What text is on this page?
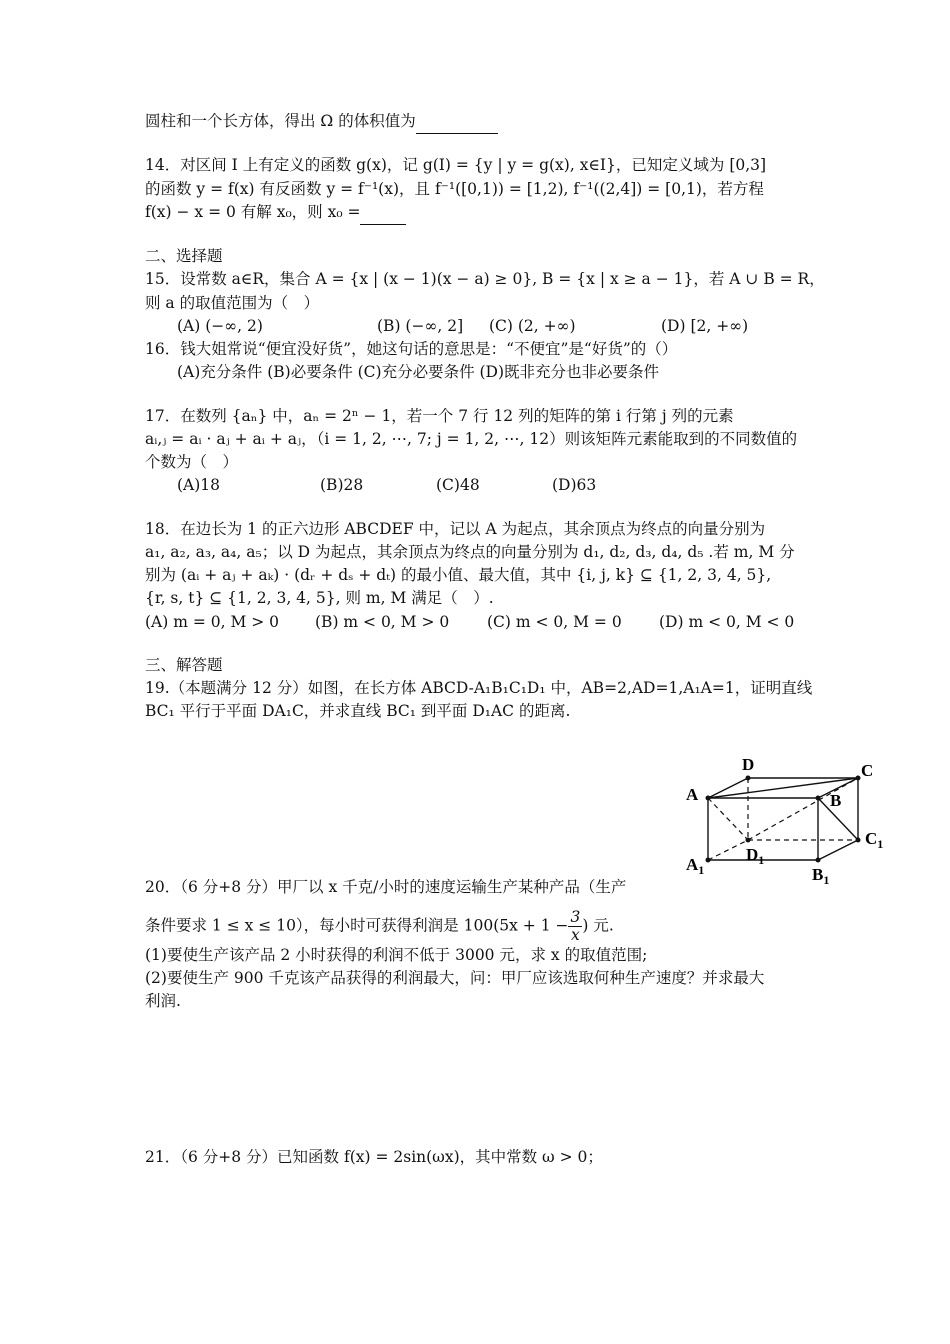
圆柱和一个长方体，得出 Ω 的体积值为

14．对区间 I 上有定义的函数 g(x)，记 g(I) = {y | y = g(x), x∈I}，已知定义域为 [0,3]

的函数 y = f(x) 有反函数 y = f⁻¹(x)，且 f⁻¹([0,1)) = [1,2), f⁻¹((2,4]) = [0,1)，若方程

f(x) − x = 0 有解 x₀，则 x₀ =

二、选择题

15．设常数 a∈R，集合 A = {x | (x − 1)(x − a) ≥ 0}, B = {x | x ≥ a − 1}，若 A ∪ B = R，

则 a 的取值范围为（　）

(A) (−∞, 2)	(B) (−∞, 2]	(C) (2, +∞)	(D) [2, +∞)

16．钱大姐常说“便宜没好货”，她这句话的意思是：“不便宜”是“好货”的（）

(A)充分条件 (B)必要条件 (C)充分必要条件 (D)既非充分也非必要条件

17．在数列 {aₙ} 中，aₙ = 2ⁿ − 1，若一个 7 行 12 列的矩阵的第 i 行第 j 列的元素

aᵢ,ⱼ = aᵢ · aⱼ + aᵢ + aⱼ，（i = 1, 2, ⋯, 7; j = 1, 2, ⋯, 12）则该矩阵元素能取到的不同数值的

个数为（　）

(A)18	(B)28	(C)48	(D)63

18．在边长为 1 的正六边形 ABCDEF 中，记以 A 为起点，其余顶点为终点的向量分别为

a₁, a₂, a₃, a₄, a₅；以 D 为起点，其余顶点为终点的向量分别为 d₁, d₂, d₃, d₄, d₅ .若 m, M 分

别为 (aᵢ + aⱼ + aₖ) · (dᵣ + dₛ + dₜ) 的最小值、最大值，其中 {i, j, k} ⊆ {1, 2, 3, 4, 5},

{r, s, t} ⊆ {1, 2, 3, 4, 5}, 则 m, M 满足（　）.

(A) m = 0, M > 0	(B) m < 0, M > 0	(C) m < 0, M = 0	(D) m < 0, M < 0

三、解答题

19.（本题满分 12 分）如图，在长方体 ABCD-A₁B₁C₁D₁ 中，AB=2,AD=1,A₁A=1，证明直线

BC₁ 平行于平面 DA₁C，并求直线 BC₁ 到平面 D₁AC 的距离.

20．（6 分+8 分）甲厂以 x 千克/小时的速度运输生产某种产品（生产

条件要求 1 ≤ x ≤ 10），每小时可获得利润是 $100(5x + 1 - \frac{3}{x}$ ) 元.

(1)要使生产该产品 2 小时获得的利润不低于 3000 元，求 x 的取值范围;

(2)要使生产 900 千克该产品获得的利润最大，问：甲厂应该选取何种生产速度？并求最大

利润.

21．（6 分+8 分）已知函数 f(x) = 2sin(ωx)，其中常数 ω > 0；

D	C
A	B
$C_1$
$D_1$
$A_1$	$B_1$
